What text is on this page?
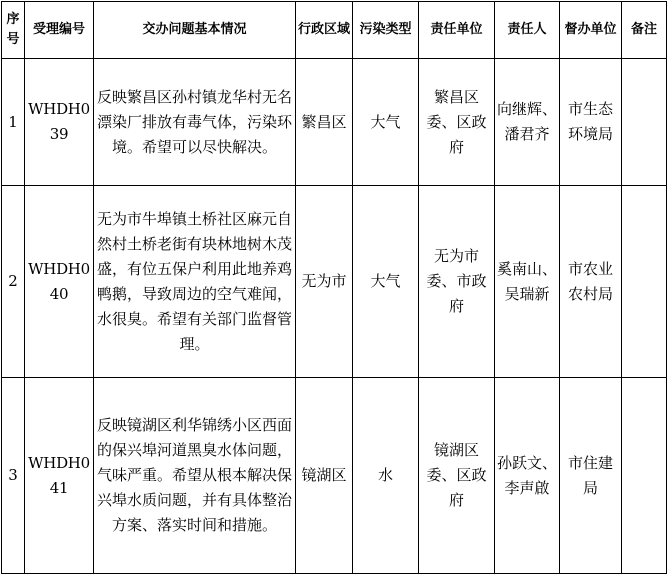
序号	受理编号	交办问题基本情况	行政区域	污染类型	责任单位	责任人	督办单位	备注
1	WHDH039	反映繁昌区孙村镇龙华村无名漂染厂排放有毒气体，污染环境。希望可以尽快解决。	繁昌区	大气	繁昌区委、区政府	向继辉、潘君齐	市生态环境局	
2	WHDH040	无为市牛埠镇土桥社区麻元自然村土桥老街有块林地树木茂盛，有位五保户利用此地养鸡鸭鹅，导致周边的空气难闻，水很臭。希望有关部门监督管理。	无为市	大气	无为市委、市政府	奚南山、吴瑞新	市农业农村局	
3	WHDH041	反映镜湖区利华锦绣小区西面的保兴埠河道黑臭水体问题，气味严重。希望从根本解决保兴埠水质问题，并有具体整治方案、落实时间和措施。	镜湖区	水	镜湖区委、区政府	孙跃文、李声啟	市住建局	
